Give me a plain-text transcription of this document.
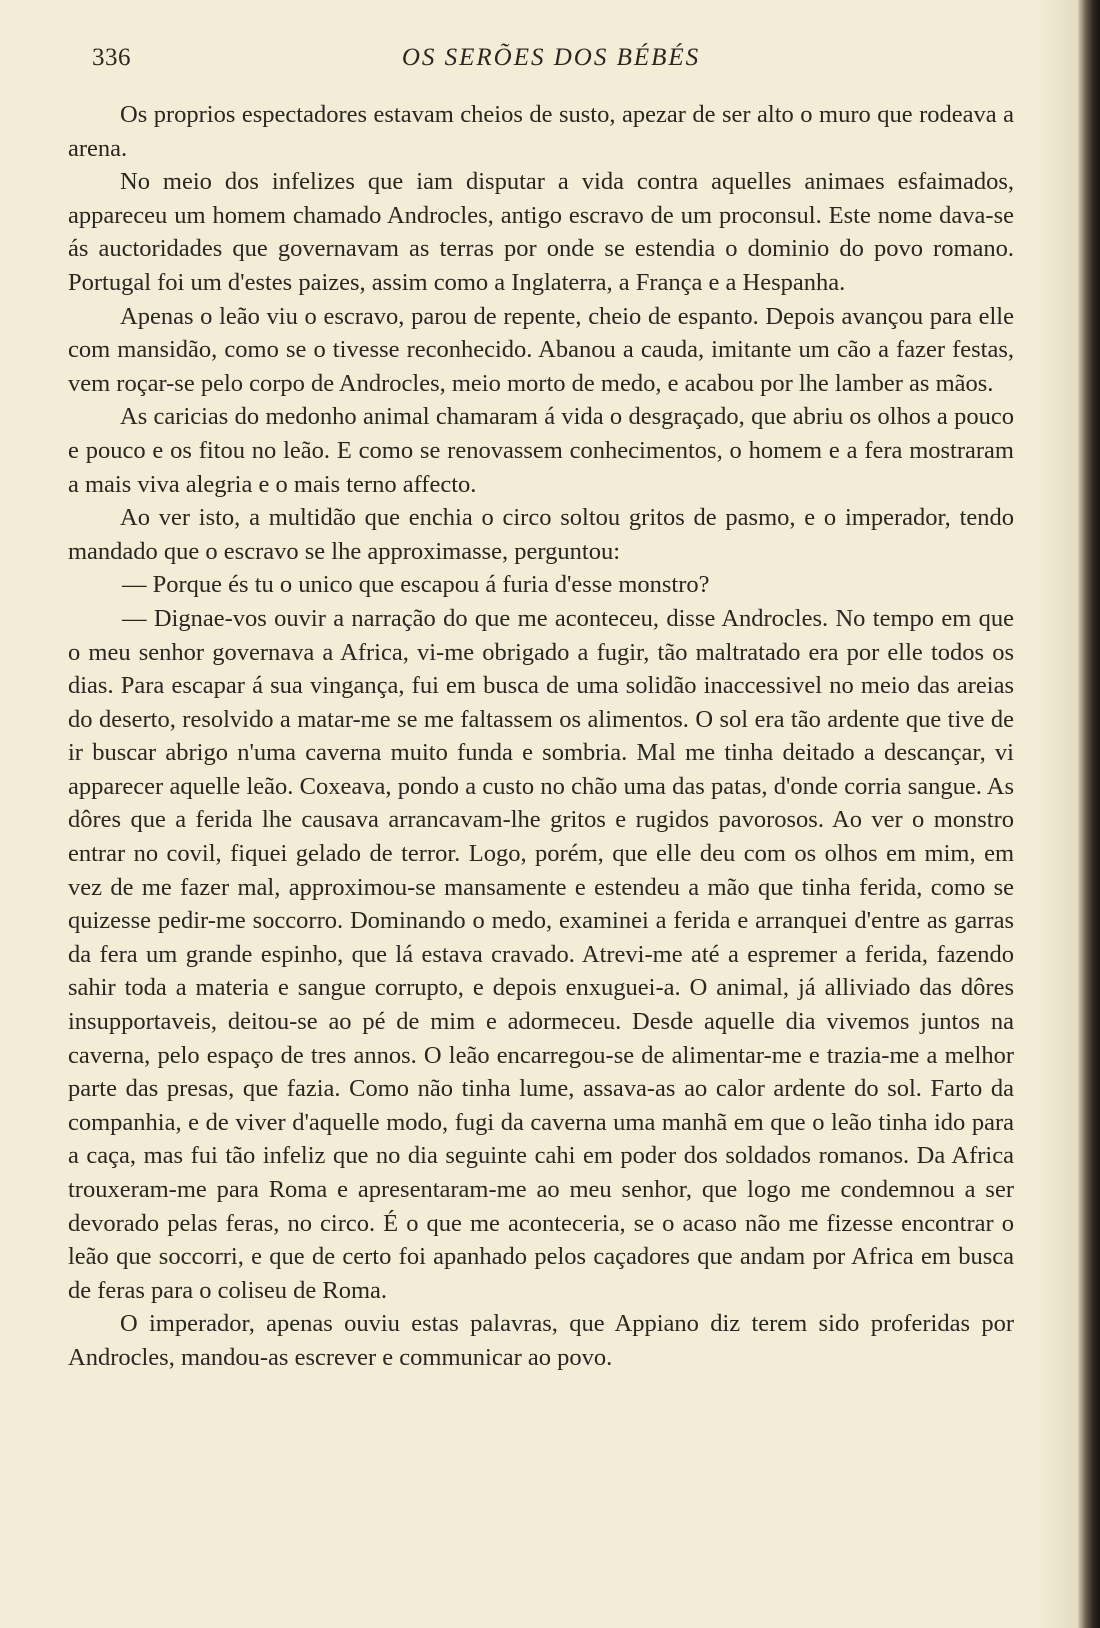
336	OS SERÕES DOS BÉBÉS

Os proprios espectadores estavam cheios de susto, apezar de ser alto o muro que rodeava a arena.

No meio dos infelizes que iam disputar a vida contra aquelles animaes esfaimados, appareceu um homem chamado Androcles, antigo escravo de um proconsul. Este nome dava-se ás auctoridades que governavam as terras por onde se estendia o dominio do povo romano. Portugal foi um d'estes paizes, assim como a Inglaterra, a França e a Hespanha.

Apenas o leão viu o escravo, parou de repente, cheio de espanto. Depois avançou para elle com mansidão, como se o tivesse reconhecido. Abanou a cauda, imitante um cão a fazer festas, vem roçar-se pelo corpo de Androcles, meio morto de medo, e acabou por lhe lamber as mãos.

As caricias do medonho animal chamaram á vida o desgraçado, que abriu os olhos a pouco e pouco e os fitou no leão. E como se renovassem conhecimentos, o homem e a fera mostraram a mais viva alegria e o mais terno affecto.

Ao ver isto, a multidão que enchia o circo soltou gritos de pasmo, e o imperador, tendo mandado que o escravo se lhe approximasse, perguntou:

— Porque és tu o unico que escapou á furia d'esse monstro?

— Dignae-vos ouvir a narração do que me aconteceu, disse Androcles. No tempo em que o meu senhor governava a Africa, vi-me obrigado a fugir, tão maltratado era por elle todos os dias. Para escapar á sua vingança, fui em busca de uma solidão inaccessivel no meio das areias do deserto, resolvido a matar-me se me faltassem os alimentos. O sol era tão ardente que tive de ir buscar abrigo n'uma caverna muito funda e sombria. Mal me tinha deitado a descançar, vi apparecer aquelle leão. Coxeava, pondo a custo no chão uma das patas, d'onde corria sangue. As dôres que a ferida lhe causava arrancavam-lhe gritos e rugidos pavorosos. Ao ver o monstro entrar no covil, fiquei gelado de terror. Logo, porém, que elle deu com os olhos em mim, em vez de me fazer mal, approximou-se mansamente e estendeu a mão que tinha ferida, como se quizesse pedir-me soccorro. Dominando o medo, examinei a ferida e arranquei d'entre as garras da fera um grande espinho, que lá estava cravado. Atrevi-me até a espremer a ferida, fazendo sahir toda a materia e sangue corrupto, e depois enxuguei-a. O animal, já alliviado das dôres insupportaveis, deitou-se ao pé de mim e adormeceu. Desde aquelle dia vivemos juntos na caverna, pelo espaço de tres annos. O leão encarregou-se de alimentar-me e trazia-me a melhor parte das presas, que fazia. Como não tinha lume, assava-as ao calor ardente do sol. Farto da companhia, e de viver d'aquelle modo, fugi da caverna uma manhã em que o leão tinha ido para a caça, mas fui tão infeliz que no dia seguinte cahi em poder dos soldados romanos. Da Africa trouxeram-me para Roma e apresentaram-me ao meu senhor, que logo me condemnou a ser devorado pelas feras, no circo. É o que me aconteceria, se o acaso não me fizesse encontrar o leão que soccorri, e que de certo foi apanhado pelos caçadores que andam por Africa em busca de feras para o coliseu de Roma.

O imperador, apenas ouviu estas palavras, que Appiano diz terem sido proferidas por Androcles, mandou-as escrever e communicar ao povo.
